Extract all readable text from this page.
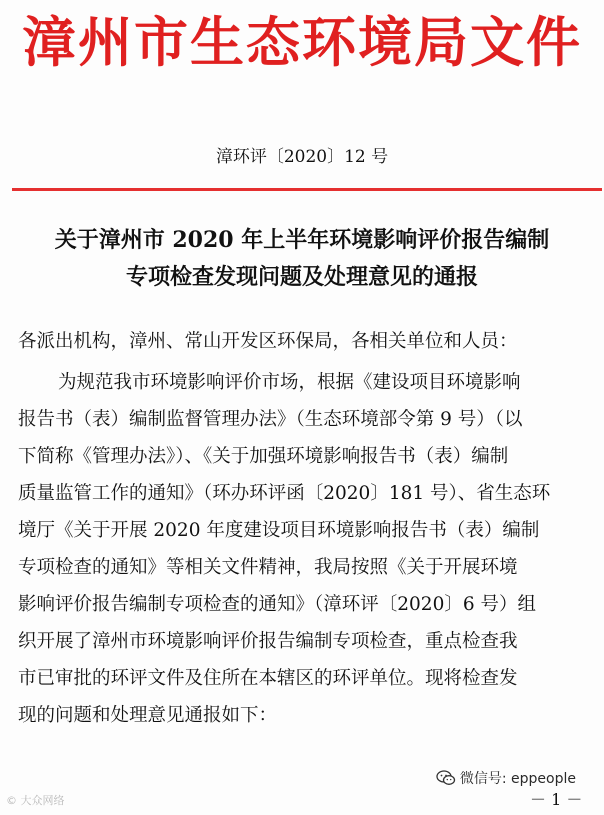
漳州市生态环境局文件
漳环评〔2020〕12 号
关于漳州市 2020 年上半年环境影响评价报告编制
专项检查发现问题及处理意见的通报
各派出机构，漳州、常山开发区环保局，各相关单位和人员：
为规范我市环境影响评价市场，根据《建设项目环境影响
报告书（表）编制监督管理办法》（生态环境部令第 9 号）（以
下简称《管理办法》）、《关于加强环境影响报告书（表）编制
质量监管工作的通知》（环办环评函〔2020〕181 号）、省生态环
境厅《关于开展 2020 年度建设项目环境影响报告书（表）编制
专项检查的通知》等相关文件精神，我局按照《关于开展环境
影响评价报告编制专项检查的通知》（漳环评〔2020〕6 号）组
织开展了漳州市环境影响评价报告编制专项检查，重点检查我
市已审批的环评文件及住所在本辖区的环评单位。现将检查发
现的问题和处理意见通报如下：
微信号: eppeople
© 大众网络	－ 1 －
